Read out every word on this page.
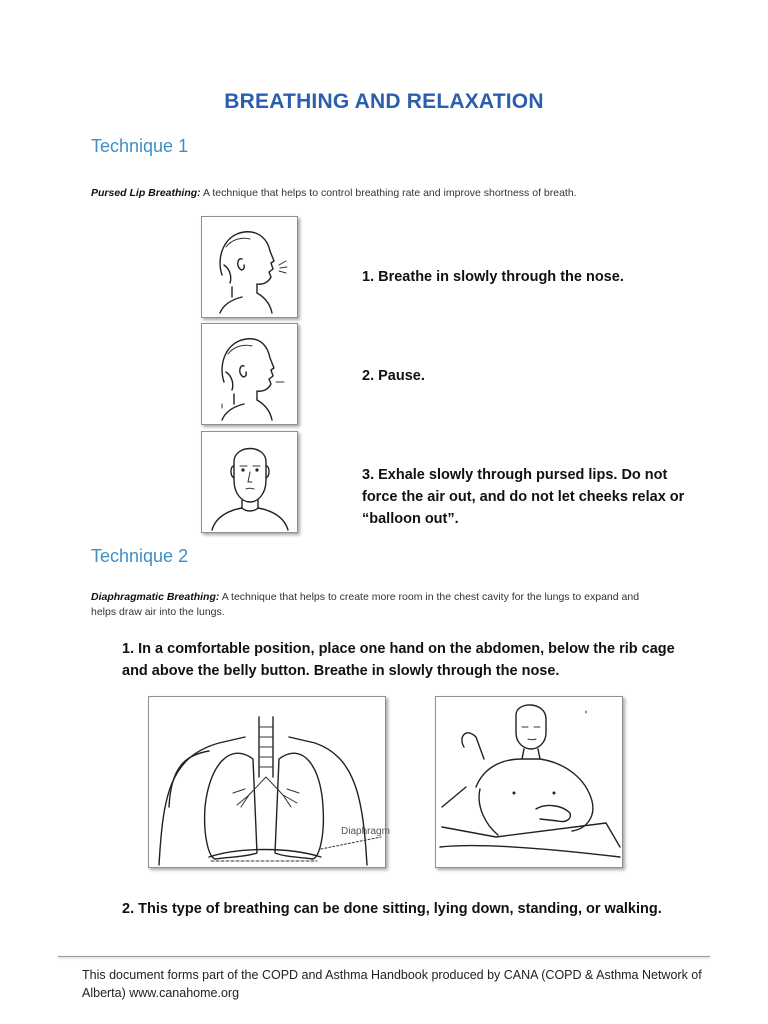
BREATHING AND RELAXATION
Technique 1
Pursed Lip Breathing: A technique that helps to control breathing rate and improve shortness of breath.
1. Breathe in slowly through the nose.
2. Pause.
3. Exhale slowly through pursed lips. Do not force the air out, and do not let cheeks relax or “balloon out”.
Technique 2
Diaphragmatic Breathing: A technique that helps to create more room in the chest cavity for the lungs to expand and helps draw air into the lungs.
1. In a comfortable position, place one hand on the abdomen, below the rib cage and above the belly button. Breathe in slowly through the nose.
Diaphragm
2. This type of breathing can be done sitting, lying down, standing, or walking.
This document forms part of the COPD and Asthma Handbook produced by CANA (COPD & Asthma Network of Alberta) www.canahome.org
